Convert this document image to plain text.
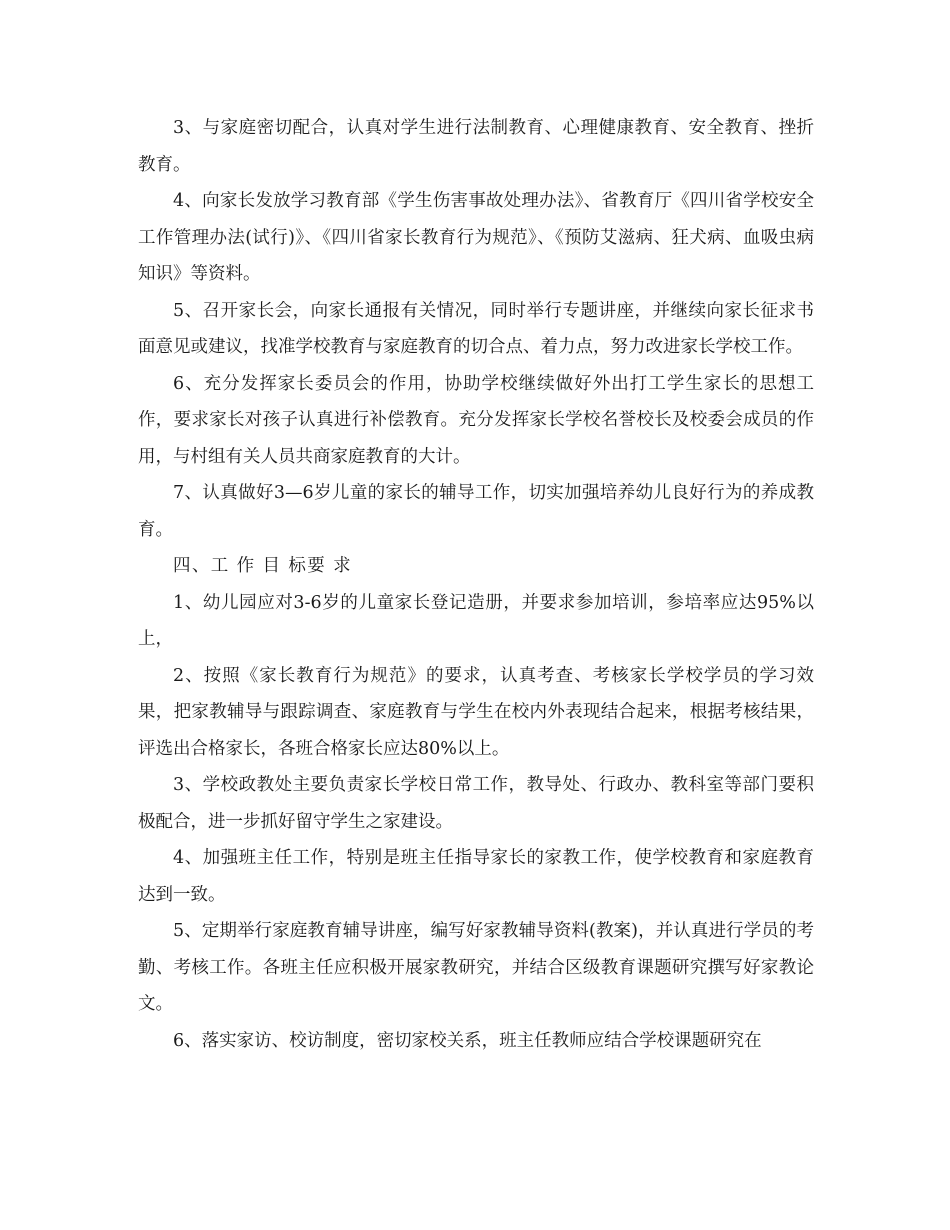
3、与家庭密切配合，认真对学生进行法制教育、心理健康教育、安全教育、挫折教育。

4、向家长发放学习教育部《学生伤害事故处理办法》、省教育厅《四川省学校安全工作管理办法(试行)》、《四川省家长教育行为规范》、《预防艾滋病、狂犬病、血吸虫病知识》等资料。

5、召开家长会，向家长通报有关情况，同时举行专题讲座，并继续向家长征求书面意见或建议，找准学校教育与家庭教育的切合点、着力点，努力改进家长学校工作。

6、充分发挥家长委员会的作用，协助学校继续做好外出打工学生家长的思想工作，要求家长对孩子认真进行补偿教育。充分发挥家长学校名誉校长及校委会成员的作用，与村组有关人员共商家庭教育的大计。

7、认真做好3—6岁儿童的家长的辅导工作，切实加强培养幼儿良好行为的养成教育。

四、工 作 目 标要 求

1、幼儿园应对3-6岁的儿童家长登记造册，并要求参加培训，参培率应达95%以上，

2、按照《家长教育行为规范》的要求，认真考查、考核家长学校学员的学习效果，把家教辅导与跟踪调查、家庭教育与学生在校内外表现结合起来，根据考核结果，评选出合格家长，各班合格家长应达80%以上。

3、学校政教处主要负责家长学校日常工作，教导处、行政办、教科室等部门要积极配合，进一步抓好留守学生之家建设。

4、加强班主任工作，特别是班主任指导家长的家教工作，使学校教育和家庭教育达到一致。

5、定期举行家庭教育辅导讲座，编写好家教辅导资料(教案)，并认真进行学员的考勤、考核工作。各班主任应积极开展家教研究，并结合区级教育课题研究撰写好家教论文。

6、落实家访、校访制度，密切家校关系，班主任教师应结合学校课题研究在
